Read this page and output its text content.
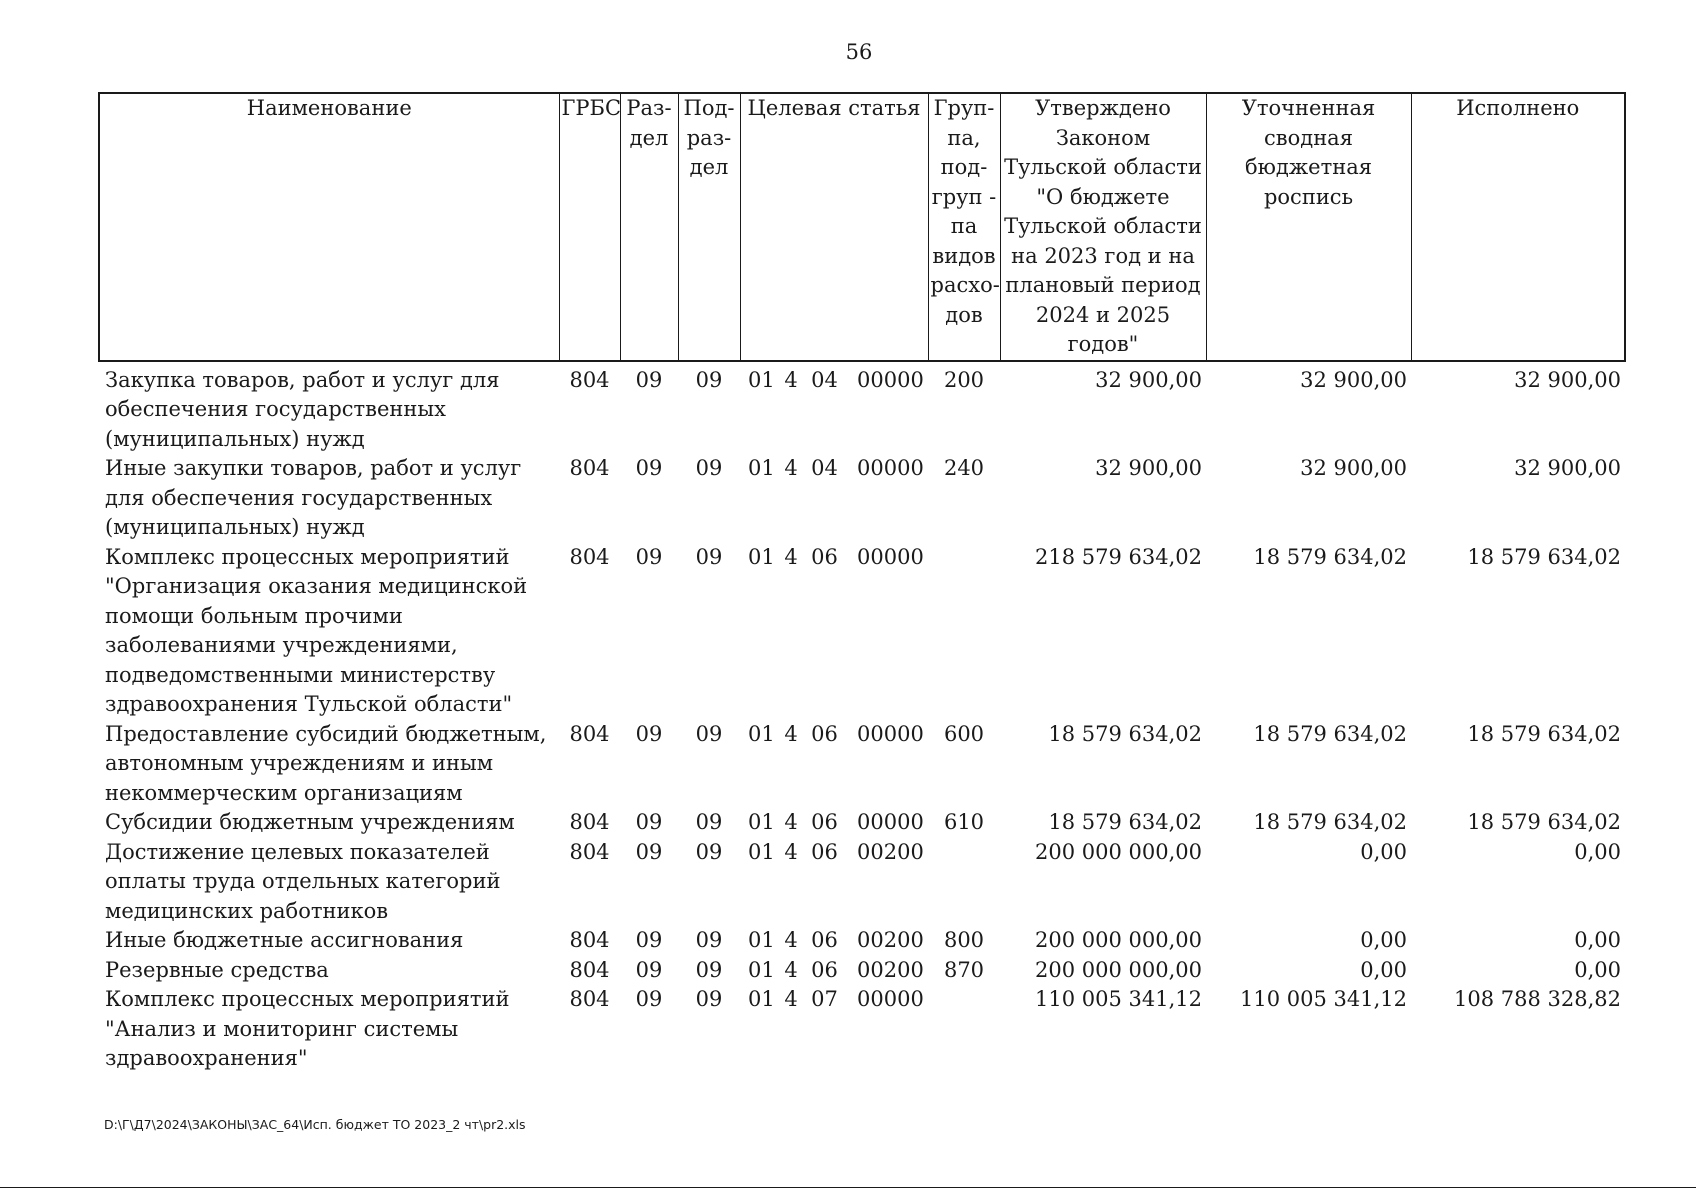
56
Наименование	ГРБС	Раз-дел	Под-раз-дел	Целевая статья	Груп-па, под-груп - па видов расхо-дов	Утверждено Законом Тульской области "О бюджете Тульской области на 2023 год и на плановый период 2024 и 2025 годов"	Уточненная сводная бюджетная роспись	Исполнено
Закупка товаров, работ и услуг для обеспечения государственных (муниципальных) нужд	804	09	09	01 4 04 00000	200	32 900,00	32 900,00	32 900,00
Иные закупки товаров, работ и услуг для обеспечения государственных (муниципальных) нужд	804	09	09	01 4 04 00000	240	32 900,00	32 900,00	32 900,00
Комплекс процессных мероприятий "Организация оказания медицинской помощи больным прочими заболеваниями учреждениями, подведомственными министерству здравоохранения Тульской области"	804	09	09	01 4 06 00000		218 579 634,02	18 579 634,02	18 579 634,02
Предоставление субсидий бюджетным, автономным учреждениям и иным некоммерческим организациям	804	09	09	01 4 06 00000	600	18 579 634,02	18 579 634,02	18 579 634,02
Субсидии бюджетным учреждениям	804	09	09	01 4 06 00000	610	18 579 634,02	18 579 634,02	18 579 634,02
Достижение целевых показателей оплаты труда отдельных категорий медицинских работников	804	09	09	01 4 06 00200		200 000 000,00	0,00	0,00
Иные бюджетные ассигнования	804	09	09	01 4 06 00200	800	200 000 000,00	0,00	0,00
Резервные средства	804	09	09	01 4 06 00200	870	200 000 000,00	0,00	0,00
Комплекс процессных мероприятий "Анализ и мониторинг системы здравоохранения"	804	09	09	01 4 07 00000		110 005 341,12	110 005 341,12	108 788 328,82
D:\Г\Д7\2024\ЗАКОНЫ\ЗАС_64\Исп. бюджет ТО 2023_2 чт\pr2.xls
